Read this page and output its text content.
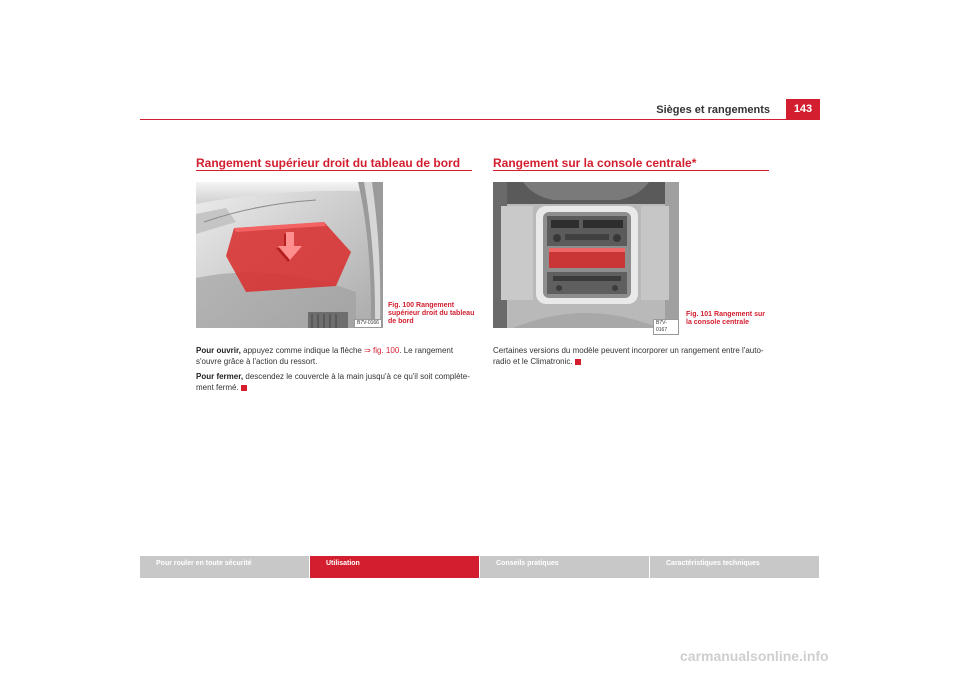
Sièges et rangements	143
Rangement supérieur droit du tableau de bord
B7V-0166
Fig. 100 Rangement
supérieur droit du tableau
de bord
Pour ouvrir, appuyez comme indique la flèche ⇒ fig. 100. Le rangement
s'ouvre grâce à l'action du ressort.
Pour fermer, descendez le couvercle à la main jusqu'à ce qu'il soit complète-
ment fermé.
Rangement sur la console centrale*
B7V-0167
Fig. 101 Rangement sur
la console centrale
Certaines versions du modèle peuvent incorporer un rangement entre l'auto-
radio et le Climatronic.
Pour rouler en toute sécurité	Utilisation	Conseils pratiques	Caractéristiques techniques
carmanualsonline.info
